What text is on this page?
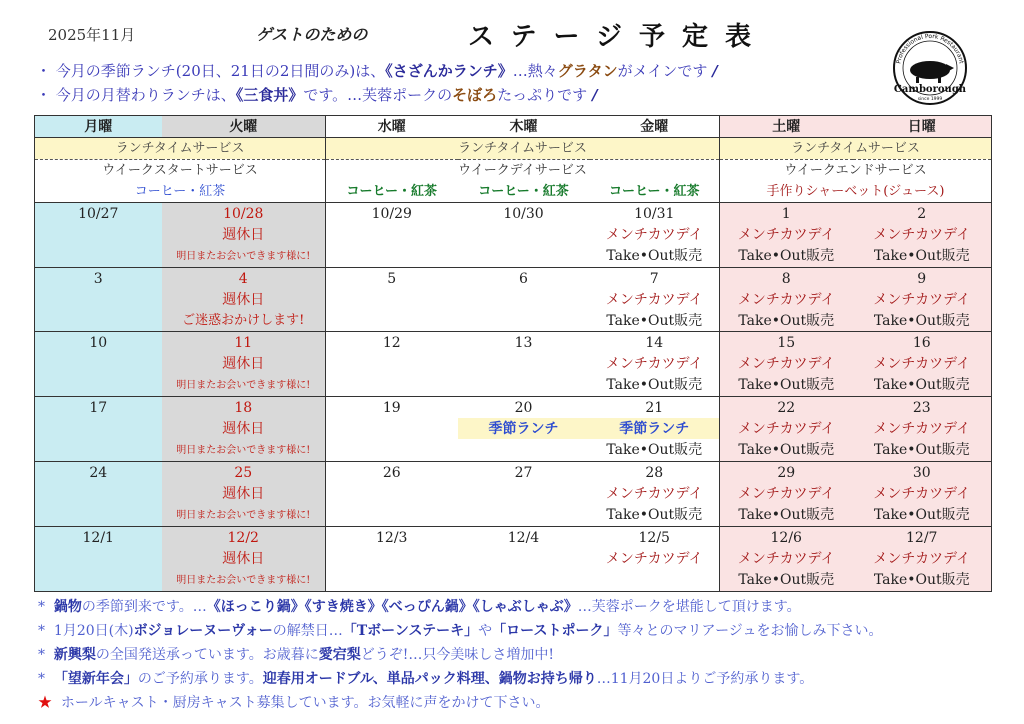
2025年11月	ゲストのための	ステージ予定表
Professional Pork Restaurant
Camborough
since 1999
・ 今月の季節ランチ(20日、21日の2日間のみ)は、《さざんかランチ》…熱々グラタンがメインです /
・ 今月の月替わりランチは、《三食丼》です。…芙蓉ポークのそぼろたっぷりです /
月曜	火曜	水曜	木曜	金曜	土曜	日曜
ランチタイムサービス		ランチタイムサービス			ランチタイムサービス	
ウイークスタートサービス		ウイークデイサービス			ウイークエンドサービス	
コーヒー・紅茶		コーヒー・紅茶	コーヒー・紅茶	コーヒー・紅茶	手作りシャーベット(ジュース)	
10/27	10/28	10/29	10/30	10/31	1	2
	週休日			メンチカツデイ	メンチカツデイ	メンチカツデイ
	明日またお会いできます様に!			Take•Out販売	Take•Out販売	Take•Out販売
3	4	5	6	7	8	9
	週休日			メンチカツデイ	メンチカツデイ	メンチカツデイ
	ご迷惑おかけします!			Take•Out販売	Take•Out販売	Take•Out販売
10	11	12	13	14	15	16
	週休日			メンチカツデイ	メンチカツデイ	メンチカツデイ
	明日またお会いできます様に!			Take•Out販売	Take•Out販売	Take•Out販売
17	18	19	20	21	22	23
	週休日		季節ランチ	季節ランチ	メンチカツデイ	メンチカツデイ
	明日またお会いできます様に!			Take•Out販売	Take•Out販売	Take•Out販売
24	25	26	27	28	29	30
	週休日			メンチカツデイ	メンチカツデイ	メンチカツデイ
	明日またお会いできます様に!			Take•Out販売	Take•Out販売	Take•Out販売
12/1	12/2	12/3	12/4	12/5	12/6	12/7
	週休日			メンチカツデイ	メンチカツデイ	メンチカツデイ
	明日またお会いできます様に!				Take•Out販売	Take•Out販売
* 鍋物の季節到来です。…《ほっこり鍋》《すき焼き》《べっぴん鍋》《しゃぶしゃぶ》…芙蓉ポークを堪能して頂けます。
* 1月20日(木)ボジョレーヌーヴォーの解禁日…「Tボーンステーキ」や「ローストポーク」等々とのマリアージュをお愉しみ下さい。
* 新興梨の全国発送承っています。お歳暮に愛宕梨どうぞ!…只今美味しさ増加中!
* 「望新年会」のご予約承ります。迎春用オードブル、単品パック料理、鍋物お持ち帰り…11月20日よりご予約承ります。
★ ホールキャスト・厨房キャスト募集しています。お気軽に声をかけて下さい。
